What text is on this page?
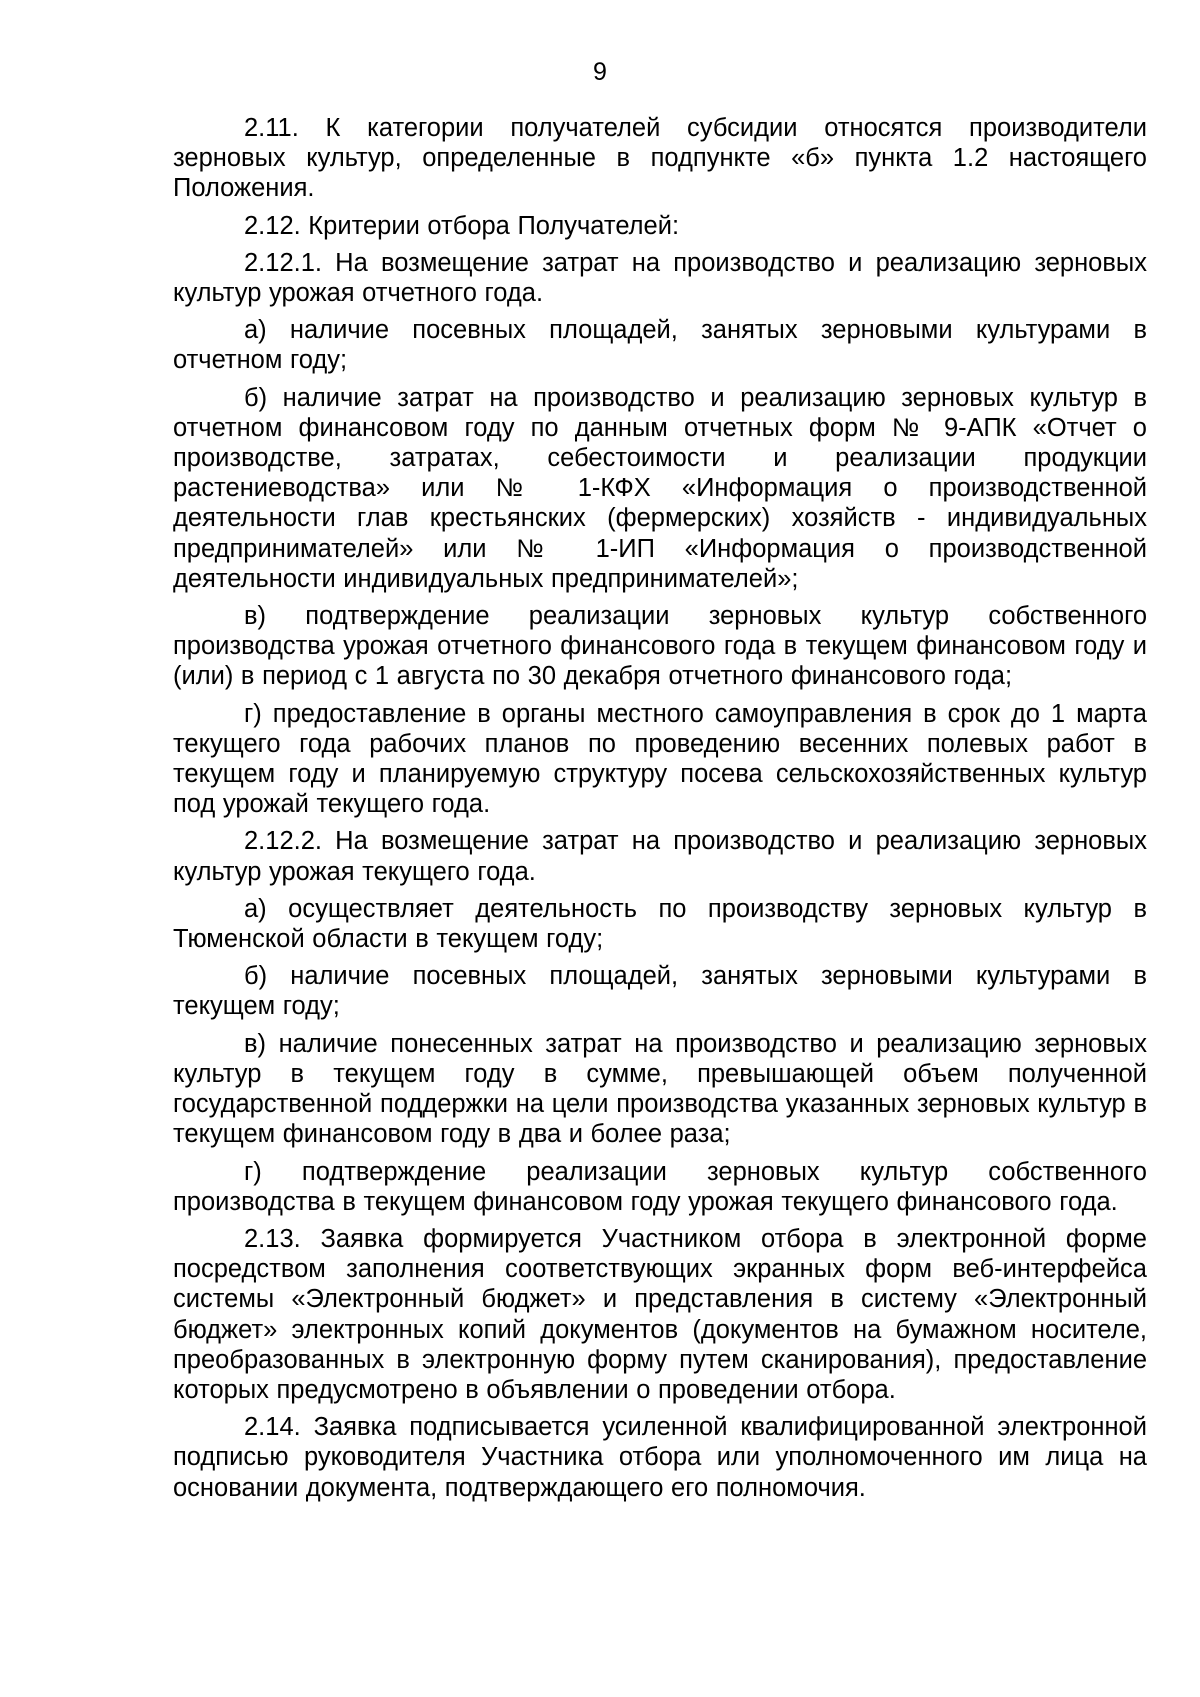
9

2.11. К категории получателей субсидии относятся производители зерновых культур, определенные в подпункте «б» пункта 1.2 настоящего Положения.

2.12. Критерии отбора Получателей:

2.12.1. На возмещение затрат на производство и реализацию зерновых культур урожая отчетного года.

а) наличие посевных площадей, занятых зерновыми культурами в отчетном году;

б) наличие затрат на производство и реализацию зерновых культур в отчетном финансовом году по данным отчетных форм № 9-АПК «Отчет о производстве, затратах, себестоимости и реализации продукции растениеводства» или № 1-КФХ «Информация о производственной деятельности глав крестьянских (фермерских) хозяйств - индивидуальных предпринимателей» или № 1-ИП «Информация о производственной деятельности индивидуальных предпринимателей»;

в) подтверждение реализации зерновых культур собственного производства урожая отчетного финансового года в текущем финансовом году и (или) в период с 1 августа по 30 декабря отчетного финансового года;

г) предоставление в органы местного самоуправления в срок до 1 марта текущего года рабочих планов по проведению весенних полевых работ в текущем году и планируемую структуру посева сельскохозяйственных культур под урожай текущего года.

2.12.2. На возмещение затрат на производство и реализацию зерновых культур урожая текущего года.

а) осуществляет деятельность по производству зерновых культур в Тюменской области в текущем году;

б) наличие посевных площадей, занятых зерновыми культурами в текущем году;

в) наличие понесенных затрат на производство и реализацию зерновых культур в текущем году в сумме, превышающей объем полученной государственной поддержки на цели производства указанных зерновых культур в текущем финансовом году в два и более раза;

г) подтверждение реализации зерновых культур собственного производства в текущем финансовом году урожая текущего финансового года.

2.13. Заявка формируется Участником отбора в электронной форме посредством заполнения соответствующих экранных форм веб-интерфейса системы «Электронный бюджет» и представления в систему «Электронный бюджет» электронных копий документов (документов на бумажном носителе, преобразованных в электронную форму путем сканирования), предоставление которых предусмотрено в объявлении о проведении отбора.

2.14. Заявка подписывается усиленной квалифицированной электронной подписью руководителя Участника отбора или уполномоченного им лица на основании документа, подтверждающего его полномочия.
